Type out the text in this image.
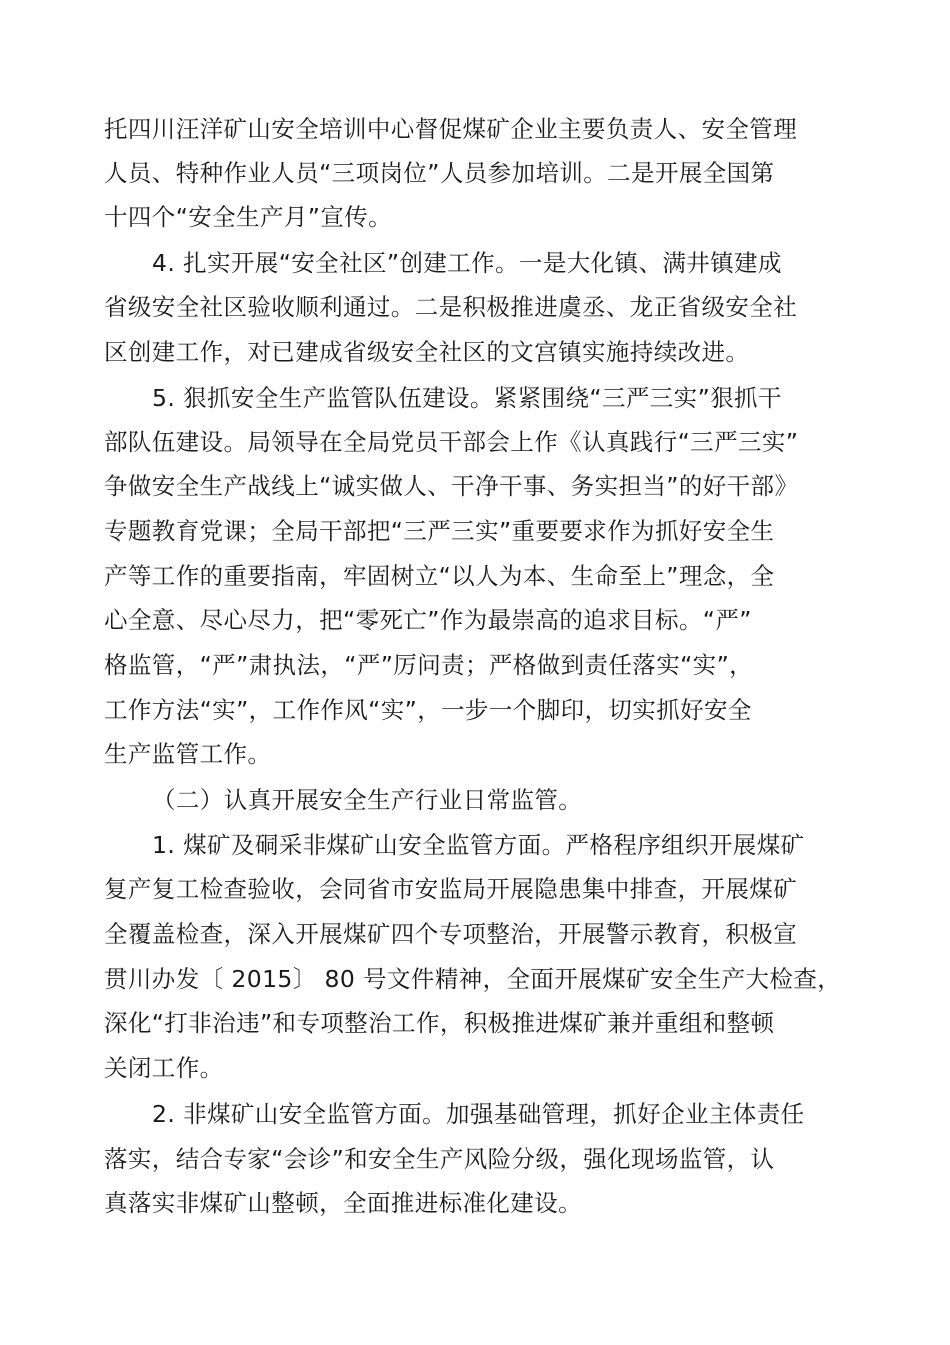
托四川汪洋矿山安全培训中心督促煤矿企业主要负责人、安全管理

人员、特种作业人员“三项岗位”人员参加培训。二是开展全国第

十四个“安全生产月”宣传。

4. 扎实开展“安全社区”创建工作。一是大化镇、满井镇建成

省级安全社区验收顺利通过。二是积极推进虞丞、龙正省级安全社

区创建工作，对已建成省级安全社区的文宫镇实施持续改进。

5. 狠抓安全生产监管队伍建设。紧紧围绕“三严三实”狠抓干

部队伍建设。局领导在全局党员干部会上作《认真践行“三严三实”

争做安全生产战线上“诚实做人、干净干事、务实担当”的好干部》

专题教育党课；全局干部把“三严三实”重要要求作为抓好安全生

产等工作的重要指南，牢固树立“以人为本、生命至上”理念，全

心全意、尽心尽力，把“零死亡”作为最崇高的追求目标。“严”

格监管，“严”肃执法，“严”厉问责；严格做到责任落实“实”，

工作方法“实”，工作作风“实”，一步一个脚印，切实抓好安全

生产监管工作。

（二）认真开展安全生产行业日常监管。

1. 煤矿及硐采非煤矿山安全监管方面。严格程序组织开展煤矿

复产复工检查验收，会同省市安监局开展隐患集中排查，开展煤矿

全覆盖检查，深入开展煤矿四个专项整治，开展警示教育，积极宣

贯川办发〔 2015〕 80 号文件精神，全面开展煤矿安全生产大检查，

深化“打非治违”和专项整治工作，积极推进煤矿兼并重组和整顿

关闭工作。

2. 非煤矿山安全监管方面。加强基础管理，抓好企业主体责任

落实，结合专家“会诊”和安全生产风险分级，强化现场监管，认

真落实非煤矿山整顿，全面推进标准化建设。
